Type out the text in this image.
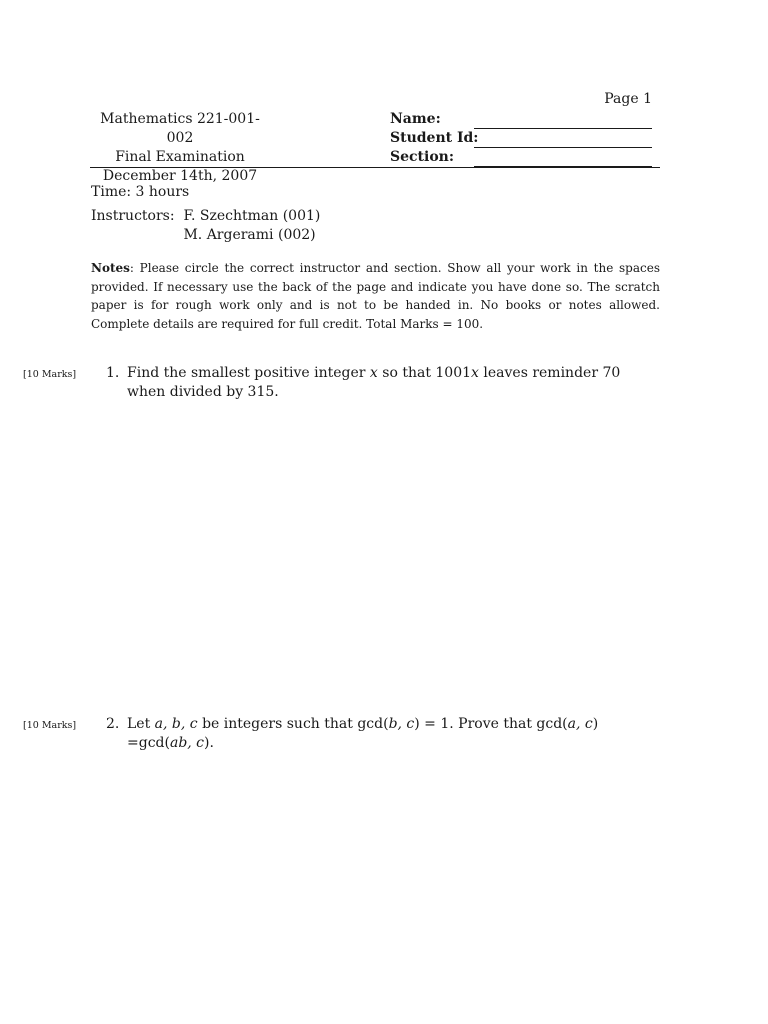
Page 1
Mathematics 221-001-002
Final Examination
December 14th, 2007
Name:
Student Id:
Section:
Time: 3 hours
Instructors: F. Szechtman (001)
M. Argerami (002)
Notes: Please circle the correct instructor and section. Show all your work in the spaces provided. If necessary use the back of the page and indicate you have done so. The scratch paper is for rough work only and is not to be handed in. No books or notes allowed. Complete details are required for full credit. Total Marks = 100.
[10 Marks] 1. Find the smallest positive integer x so that 1001x leaves reminder 70 when divided by 315.
[10 Marks] 2. Let a, b, c be integers such that gcd(b, c) = 1. Prove that gcd(a, c) =gcd(ab, c).
